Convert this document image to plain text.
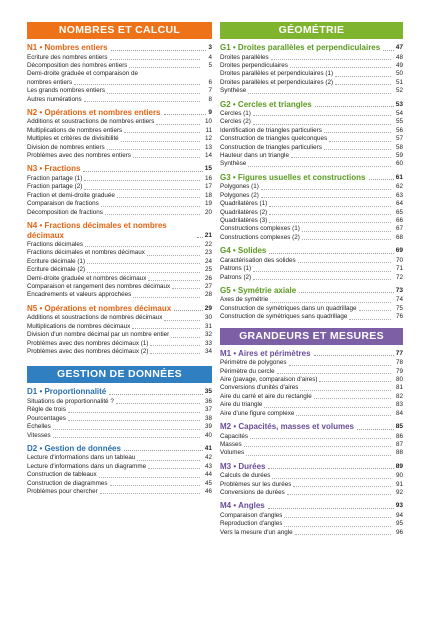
NOMBRES ET CALCUL
N1 • Nombres entiers	3
Écriture des nombres entiers	4
Décomposition des nombres entiers	5
Demi-droite graduée et comparaison de
nombres entiers	6
Les grands nombres entiers	7
Autres numérations	8
N2 • Opérations et nombres entiers	9
Additions et soustractions de nombres entiers	10
Multiplications de nombres entiers	11
Multiples et critères de divisibilité	12
Division de nombres entiers	13
Problèmes avec des nombres entiers	14
N3 • Fractions	15
Fraction partage (1)	16
Fraction partage (2)	17
Fraction et demi-droite graduée	18
Comparaison de fractions	19
Décomposition de fractions	20
N4 • Fractions décimales et nombres décimaux	21
Fractions décimales	22
Fractions décimales et nombres décimaux	23
Écriture décimale (1)	24
Écriture décimale (2)	25
Demi-droite graduée et nombres décimaux	26
Comparaison et rangement des nombres décimaux	27
Encadrements et valeurs approchées	28
N5 • Opérations et nombres décimaux	29
Additions et soustractions de nombres décimaux	30
Multiplications de nombres décimaux	31
Division d'un nombre décimal par un nombre entier	32
Problèmes avec des nombres décimaux (1)	33
Problèmes avec des nombres décimaux (2)	34
GESTION DE DONNÉES
D1 • Proportionnalité	35
Situations de proportionnalité ?	36
Règle de trois	37
Pourcentages	38
Échelles	39
Vitesses	40
D2 • Gestion de données	41
Lecture d'informations dans un tableau	42
Lecture d'informations dans un diagramme	43
Construction de tableaux	44
Construction de diagrammes	45
Problèmes pour chercher	46
GÉOMÉTRIE
G1 • Droites parallèles et perpendiculaires 47
Droites parallèles	48
Droites perpendiculaires	49
Droites parallèles et perpendiculaires (1)	50
Droites parallèles et perpendiculaires (2)	51
Synthèse	52
G2 • Cercles et triangles	53
Cercles (1)	54
Cercles (2)	55
Identification de triangles particuliers	56
Construction de triangles quelconques	57
Construction de triangles particuliers	58
Hauteur dans un triangle	59
Synthèse	60
G3 • Figures usuelles et constructions	61
Polygones (1)	62
Polygones (2)	63
Quadrilatères (1)	64
Quadrilatères (2)	65
Quadrilatères (3)	66
Constructions complexes (1)	67
Constructions complexes (2)	68
G4 • Solides	69
Caractérisation des solides	70
Patrons (1)	71
Patrons (2)	72
G5 • Symétrie axiale	73
Axes de symétrie	74
Construction de symétriques dans un quadrillage	75
Construction de symétriques sans quadrillage	76
GRANDEURS ET MESURES
M1 • Aires et périmètres	77
Périmètre de polygones	78
Périmètre du cercle	79
Aire (pavage, comparaison d'aires)	80
Conversions d'unités d'aires	81
Aire du carré et aire du rectangle	82
Aire du triangle	83
Aire d'une figure complexe	84
M2 • Capacités, masses et volumes	85
Capacités	86
Masses	87
Volumes	88
M3 • Durées	89
Calculs de durées	90
Problèmes sur les durées	91
Conversions de durées	92
M4 • Angles	93
Comparaison d'angles	94
Reproduction d'angles	95
Vers la mesure d'un angle	96
